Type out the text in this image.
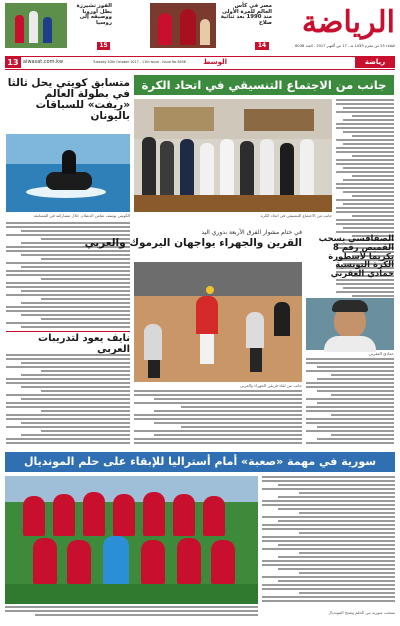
الفوز تشيرزة بطل أوروبا ووصيفه إلى روسيا
15
مصر في كأس العالم للمرة الأولى منذ 1990 بعد ثنائية صلاح
14
الرياضة
الثلاثاء 25 من محرم 1439 هـ - 17 من أكتوبر 2017 - العدد 8038
رياضة
الوسط
Tuesday 10th October 2017 - 11th issue - Issue No 8038
alwasat.com.kw
13
جانب من الاجتماع التنسيقي في اتحاد الكرة
جانب من الاجتماع التنسيقي في اتحاد الكرة
متسابق كويتي يحل ثالثا في بطولة العالم «ريفت» للسباقات باليونان
الكويتي يوسف عباس الدغيلان خلال مشاركته في المسابقة
نايف يعود لتدريبات العربي
في ختام مشوار الفرق الأربعة بدوري اليد
القرين والجهراء يواجهان اليرموك والعربي
جانب من لقاء فريقي الجهراء والعربي
الصفاقسي يسحب القميص رقم 8 تكريما لأسطورة الكرة التونسية حمادي العقربي
حمادي العقربي
سورية في مهمة «صعبة» أمام أستراليا للإبقاء على حلم المونديال
منتخب سورية بين الحلم وشبح المونديال
